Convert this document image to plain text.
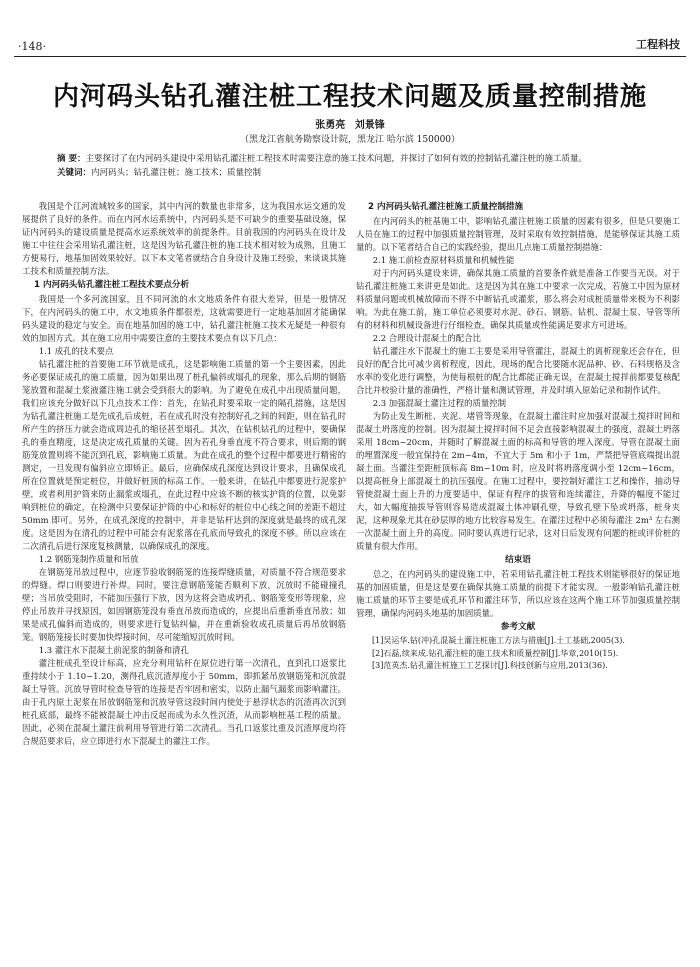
·148·	工程科技
内河码头钻孔灌注桩工程技术问题及质量控制措施
张勇亮 刘景锋
（黑龙江省航务勘察设计院，黑龙江 哈尔滨 150000）

摘 要：主要探讨了在内河码头建设中采用钻孔灌注桩工程技术时需要注意的施工技术问题，并探讨了如何有效的控制钻孔灌注桩的施工质量。

关键词：内河码头；钻孔灌注桩；施工技术；质量控制

我国是个江河流域较多的国家，其中内河的数量也非常多，这为我国水运交通的发展提供了良好的条件。而在内河水运系统中，内河码头是不可缺少的重要基础设施，保证内河码头的建设质量是提高水运系统效率的前提条件。目前我国的内河码头在设计及施工中往往会采用钻孔灌注桩，这是因为钻孔灌注桩的施工技术相对较为成熟，且施工方便易行，地基加固效果较好。以下本文笔者就结合自身设计及施工经验，来谈谈其施工技术和质量控制方法。

1 内河码头钻孔灌注桩工程技术要点分析

我国是一个多河流国家，且不同河流的水文地质条件有很大差异，但是一般情况下，在内河码头的施工中，水文地质条件都很差，这就需要进行一定地基加固才能确保码头建设的稳定与安全。而在地基加固的施工中，钻孔灌注桩施工技术无疑是一种很有效的加固方式。其在施工应用中需要注意的主要技术要点有以下几点：

1.1 成孔的技术要点

钻孔灌注桩的首要施工环节就是成孔，这是影响施工质量的第一个主要因素，因此务必要保证成孔的施工质量，因为如果出现了桩孔偏斜或塌孔的现象，那么后期的钢筋笼放置和混凝土浆液灌注施工就会受到很大的影响。为了避免在成孔中出现质量问题，我们应该充分做好以下几点技术工作：首先，在钻孔时要采取一定的隔孔措施，这是因为钻孔灌注桩施工是先成孔后成桩，若在成孔时没有控制好孔之间的间距，则在钻孔时所产生的挤压力就会造成周边孔的缩径甚至塌孔。其次，在钻机钻孔的过程中，要确保孔的垂直精度，这是决定成孔质量的关键。因为若孔身垂直度不符合要求，则后期的钢筋笼放置则将不能沉到孔底，影响施工质量。为此在成孔的整个过程中都要进行精密的测定，一旦发现有偏斜应立即矫正。最后，应确保成孔深度达到设计要求，且确保成孔所在位置就是预定桩位，并做好桩顶的标高工作。一般来讲，在钻孔中都要进行泥浆护壁，或者利用护筒来防止漏浆或塌孔，在此过程中应该不断的核实护筒的位置，以免影响到桩位的确定，在检测中只要保证护筒的中心和标好的桩位中心线之间的差距不超过 50mm 即可。另外，在成孔深度的控制中，并非是钻杆达到的深度就是最终的成孔深度。这是因为在清孔的过程中可能会有泥浆落在孔底而导致孔的深度不够。所以应该在二次清孔后进行深度复核测量，以确保成孔的深度。

1.2 钢筋笼制作质量和吊放

在钢筋笼吊放过程中，应逐节验收钢筋笼的连接焊缝质量，对质量不符合规范要求的焊缝、焊口则要进行补焊。同时，要注意钢筋笼能否顺利下放，沉放时不能碰撞孔壁；当吊放受阻时，不能加压强行下放，因为这将会造成坍孔、钢筋笼变形等现象，应停止吊放并寻找原因，如因钢筋笼没有垂直吊放而造成的，应提出后重新垂直吊放；如果是成孔偏斜而造成的，则要求进行复钻纠偏，并在重新验收成孔质量后再吊放钢筋笼。钢筋笼接长时要加快焊接时间，尽可能缩短沉放时间。

1.3 灌注水下混凝土前泥浆的制备和清孔

灌注桩成孔至设计标高，应充分利用钻杆在原位进行第一次清孔，直到孔口返浆比重持续小于 1.10~1.20，测得孔底沉渣厚度小于 50mm，即抓紧吊放钢筋笼和沉放混凝土导管。沉放导管时检查导管的连接是否牢固和密实，以防止漏气漏浆而影响灌注。由于孔内原土泥浆在吊放钢筋笼和沉放导管这段时间内使处于悬浮状态的沉渣再次沉到桩孔底部，最终不能被混凝土冲击反起而成为永久性沉渣，从而影响桩基工程的质量。因此，必须在混凝土灌注前利用导管进行第二次清孔。当孔口返浆比重及沉渣厚度均符合规范要求后，应立即进行水下混凝土的灌注工作。

2 内河码头钻孔灌注桩施工质量控制措施

在内河码头的桩基施工中，影响钻孔灌注桩施工质量的因素有很多，但是只要施工人员在施工的过程中加强质量控制管理，及时采取有效控制措施，是能够保证其施工质量的。以下笔者结合自己的实践经验，提出几点施工质量控制措施：

2.1 施工前检查原材料质量和机械性能

对于内河码头建设来讲，确保其施工质量的首要条件就是准备工作要当无误。对于钻孔灌注桩施工来讲更是如此。这是因为其在施工中要求一次完成，若施工中因为原材料质量问题或机械故障而不得不中断钻孔或灌浆，那么将会对成桩质量带来极为不利影响。为此在施工前，施工单位必须要对水泥、砂石、钢筋、钻机、混凝土泵、导管等所有的材料和机械设备进行仔细检查，确保其质量或性能满足要求方可进场。

2.2 合理设计混凝土的配合比

钻孔灌注水下混凝土的施工主要是采用导管灌注，混凝土的离析现象还会存在，但良好的配合比可减少离析程度，因此，现场的配合比要随水泥品种、砂、石料规格及含水率的变化进行调整，为使每根桩的配合比都能正确无误，在混凝土搅拌前都要复核配合比并校验计量的准确性，严格计量和测试管理，并及时填入原始记录和制作试件。

2.3 加强混凝土灌注过程的质量控制

为防止发生断桩、夹泥、堵管等现象，在混凝土灌注时应加强对混凝土搅拌时间和混凝土坍落度的控制。因为混凝土搅拌时间不足会直接影响混凝土的强度，混凝土坍落采用 18cm~20cm，并随时了解混凝土面的标高和导管的埋入深度。导管在混凝土面的埋置深度一般宜保持在 2m~4m，不宜大于 5m 和小于 1m，严禁把导管底端提出混凝土面。当灌注至距桩顶标高 8m~10m 时，应及时将坍落度调小至 12cm~16cm，以提高桩身上部混凝土的抗压强度。在施工过程中，要控制好灌注工艺和操作，抽动导管使混凝土面上升的力度要适中，保证有程序的拔管和连续灌注，升降的幅度不能过大，如大幅度抽拔导管则容易造成混凝土体冲刷孔壁，导致孔壁下坠或坍落，桩身夹泥，这种现象尤其在砂层厚的地方比较容易发生。在灌注过程中必须每灌注 2m³ 左右测一次混凝土面上升的高度。同时要认真进行记录，这对日后发现有问题的桩或评价桩的质量有很大作用。

结束语

总之，在内河码头的建设施工中，若采用钻孔灌注桩工程技术则能够很好的保证地基的加固质量，但是这是要在确保其施工质量的前提下才能实现。一般影响钻孔灌注桩施工质量的环节主要是成孔环节和灌注环节，所以应该在这两个施工环节加强质量控制管理，确保内河码头地基的加固质量。

参考文献

[1]吴运华.钻(冲)孔混凝土灌注桩施工方法与措施[J].土工基础,2005(3).

[2]石磊,续来成.钻孔灌注桩的施工技术和质量控制[J].华章,2010(15).

[3]范英杰.钻孔灌注桩施工工艺探讨[J].科技创新与应用,2013(36).
